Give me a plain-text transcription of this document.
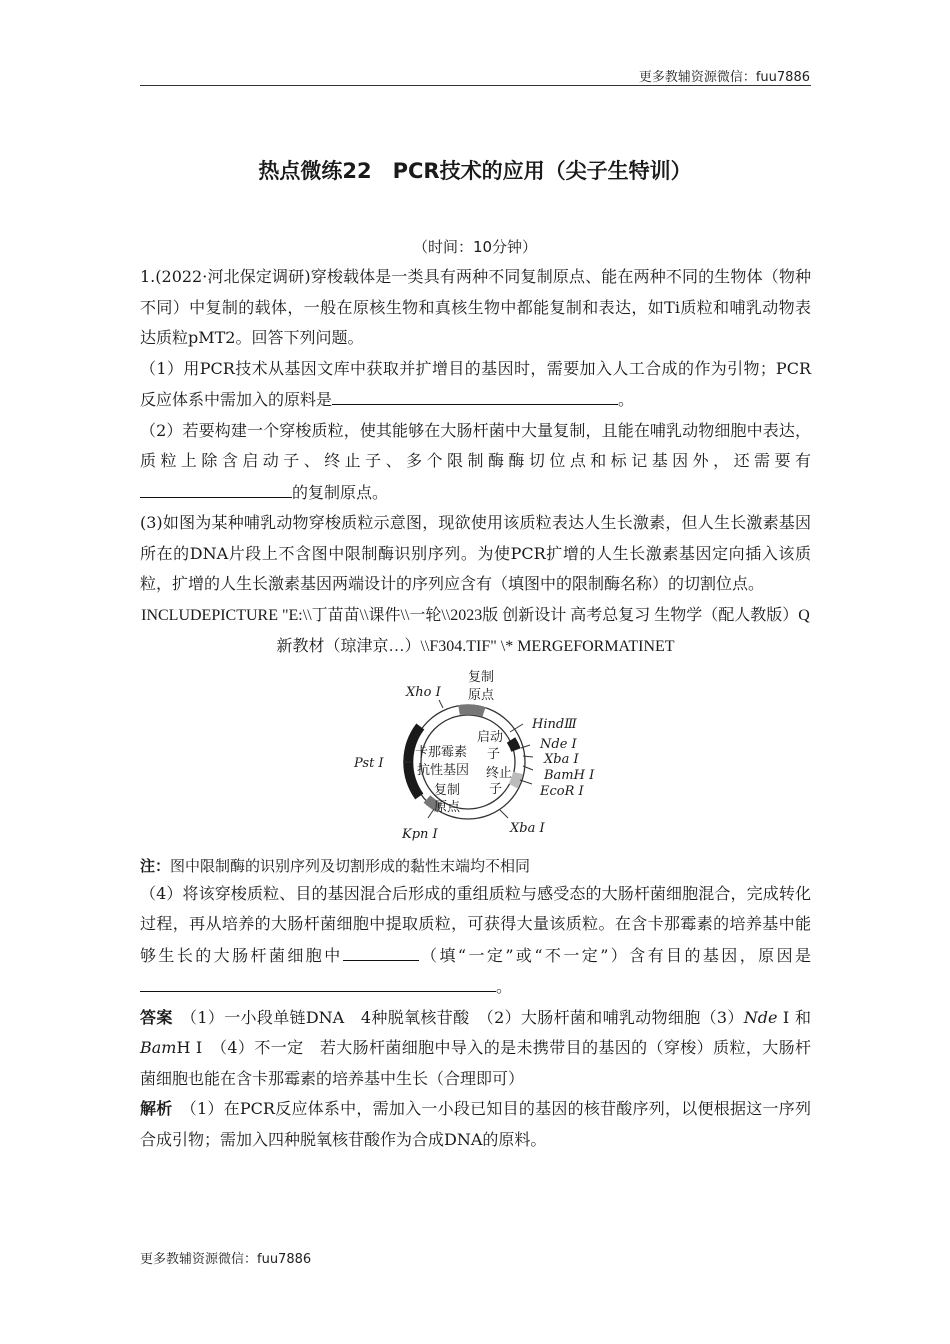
更多教辅资源微信：fuu7886
热点微练22　PCR技术的应用（尖子生特训）
（时间：10分钟）

1.(2022·河北保定调研)穿梭载体是一类具有两种不同复制原点、能在两种不同的生物体（物种不同）中复制的载体，一般在原核生物和真核生物中都能复制和表达，如Ti质粒和哺乳动物表达质粒pMT2。回答下列问题。

（1）用PCR技术从基因文库中获取并扩增目的基因时，需要加入人工合成的作为引物；PCR反应体系中需加入的原料是	。

（2）若要构建一个穿梭质粒，使其能够在大肠杆菌中大量复制，且能在哺乳动物细胞中表达，质粒上除含启动子、终止子、多个限制酶酶切位点和标记基因外，还需要有的复制原点。

(3)如图为某种哺乳动物穿梭质粒示意图，现欲使用该质粒表达人生长激素，但人生长激素基因所在的DNA片段上不含图中限制酶识别序列。为使PCR扩增的人生长激素基因定向插入该质粒，扩增的人生长激素基因两端设计的序列应含有（填图中的限制酶名称）的切割位点。

INCLUDEPICTURE "E:\\丁苗苗\\课件\\一轮\\2023版 创新设计 高考总复习 生物学（配人教版）Q新教材（琼津京…）\\F304.TIF" \* MERGEFORMATINET

Xho Ⅰ
复制
原点
HindⅢ
Nde Ⅰ
Xba Ⅰ
BamH Ⅰ
EcoR Ⅰ
Pst Ⅰ
Kpn Ⅰ	Xba Ⅰ
卡那霉素
抗性基因
复制
原点
启动
子
终止
子

注：图中限制酶的识别序列及切割形成的黏性末端均不相同

（4）将该穿梭质粒、目的基因混合后形成的重组质粒与感受态的大肠杆菌细胞混合，完成转化过程，再从培养的大肠杆菌细胞中提取质粒，可获得大量该质粒。在含卡那霉素的培养基中能够生长的大肠杆菌细胞中	（填“一定”或“不一定”）含有目的基因，原因是。

答案　 （1）一小段单链DNA　4种脱氧核苷酸　（2）大肠杆菌和哺乳动物细胞（3）Nde Ⅰ 和 BamH Ⅰ　（4）不一定　若大肠杆菌细胞中导入的是未携带目的基因的（穿梭）质粒，大肠杆菌细胞也能在含卡那霉素的培养基中生长（合理即可）

解析　 （1）在PCR反应体系中，需加入一小段已知目的基因的核苷酸序列，以便根据这一序列合成引物；需加入四种脱氧核苷酸作为合成DNA的原料。

更多教辅资源微信：fuu7886
